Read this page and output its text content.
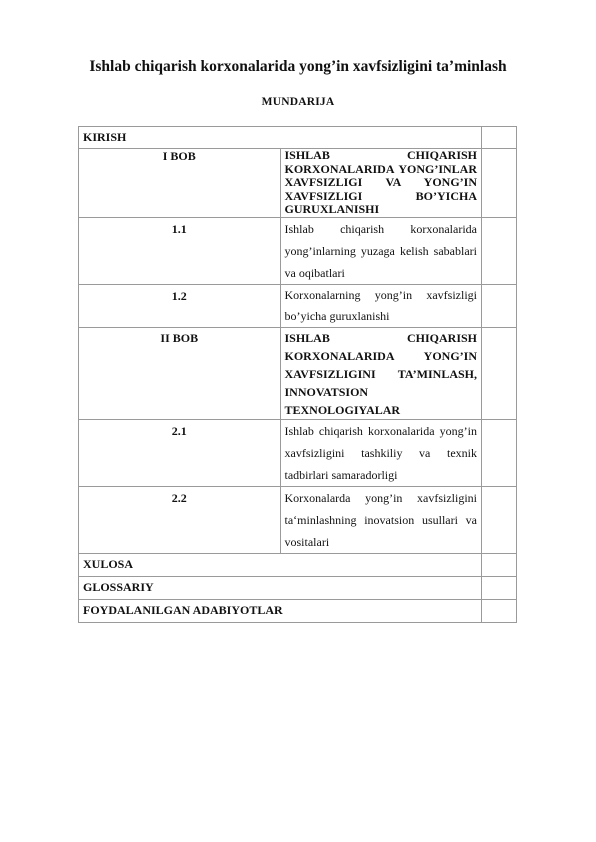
Ishlab chiqarish korxonalarida yong’in xavfsizligini ta’minlash
MUNDARIJA
KIRISH		
I BOB	ISHLAB CHIQARISH KORXONALARIDA YONG’INLAR XAVFSIZLIGI VA YONG’IN XAVFSIZLIGI BO’YICHA GURUXLANISHI	
1.1	Ishlab chiqarish korxonalarida yong’inlarning yuzaga kelish sabablari va oqibatlari	
1.2	Korxonalarning yong’in xavfsizligi bo’yicha guruxlanishi	
II BOB	ISHLAB CHIQARISH KORXONALARIDA YONG’IN XAVFSIZLIGINI TA’MINLASH, INNOVATSION TEXNOLOGIYALAR	
2.1	Ishlab chiqarish korxonalarida yong’in xavfsizligini tashkiliy va texnik tadbirlari samaradorligi	
2.2	Korxonalarda yong’in xavfsizligini ta‘minlashning inovatsion usullari va vositalari	
XULOSA		
GLOSSARIY		
FOYDALANILGAN ADABIYOTLAR		
